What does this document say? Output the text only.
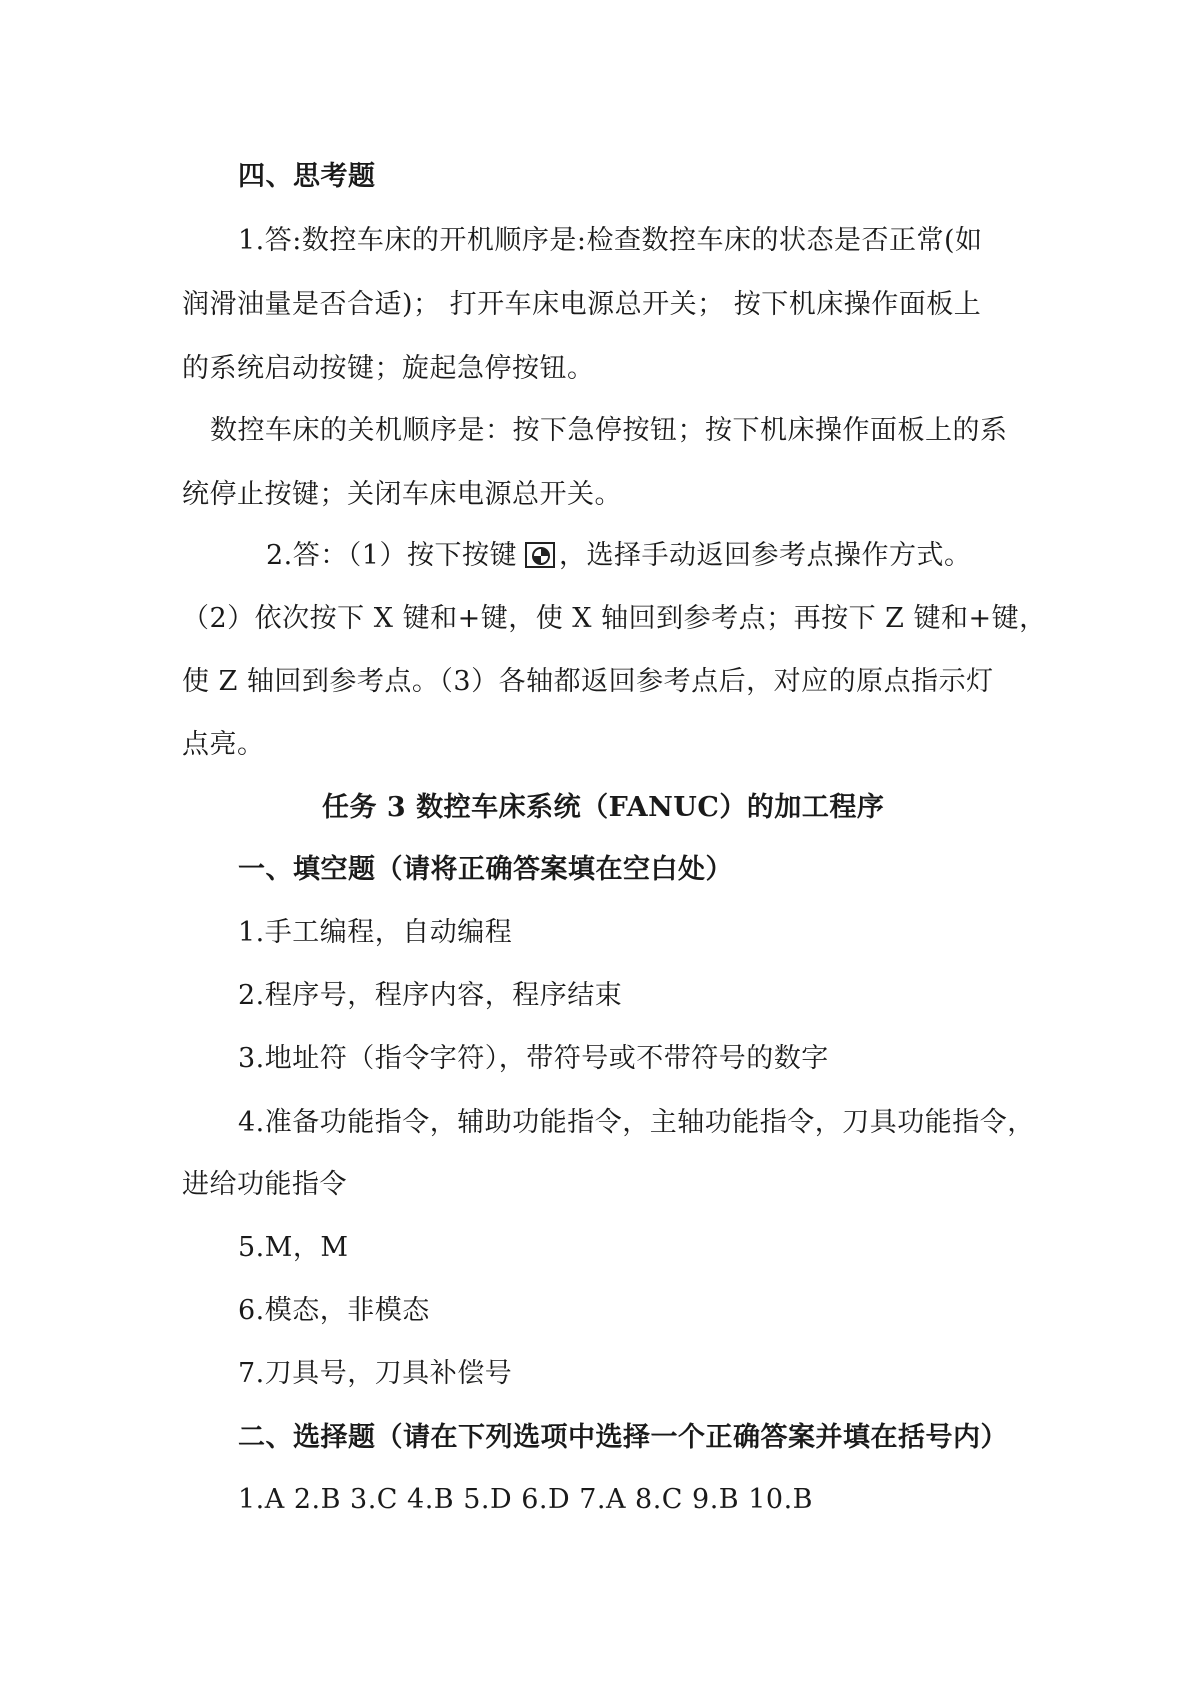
四、思考题
1.答:数控车床的开机顺序是:检查数控车床的状态是否正常(如
润滑油量是否合适)； 打开车床电源总开关； 按下机床操作面板上
的系统启动按键；旋起急停按钮。
数控车床的关机顺序是：按下急停按钮；按下机床操作面板上的系
统停止按键；关闭车床电源总开关。
2.答：（1）按下按键 ，选择手动返回参考点操作方式。
（2）依次按下 X 键和+键，使 X 轴回到参考点；再按下 Z 键和+键，
使 Z 轴回到参考点。（3）各轴都返回参考点后，对应的原点指示灯
点亮。
任务 3 数控车床系统（FANUC）的加工程序
一、填空题（请将正确答案填在空白处）
1.手工编程，自动编程
2.程序号，程序内容，程序结束
3.地址符（指令字符），带符号或不带符号的数字
4.准备功能指令，辅助功能指令，主轴功能指令，刀具功能指令，
进给功能指令
5.M，M
6.模态，非模态
7.刀具号，刀具补偿号
二、选择题（请在下列选项中选择一个正确答案并填在括号内）
1.A 2.B 3.C 4.B 5.D 6.D 7.A 8.C 9.B 10.B
